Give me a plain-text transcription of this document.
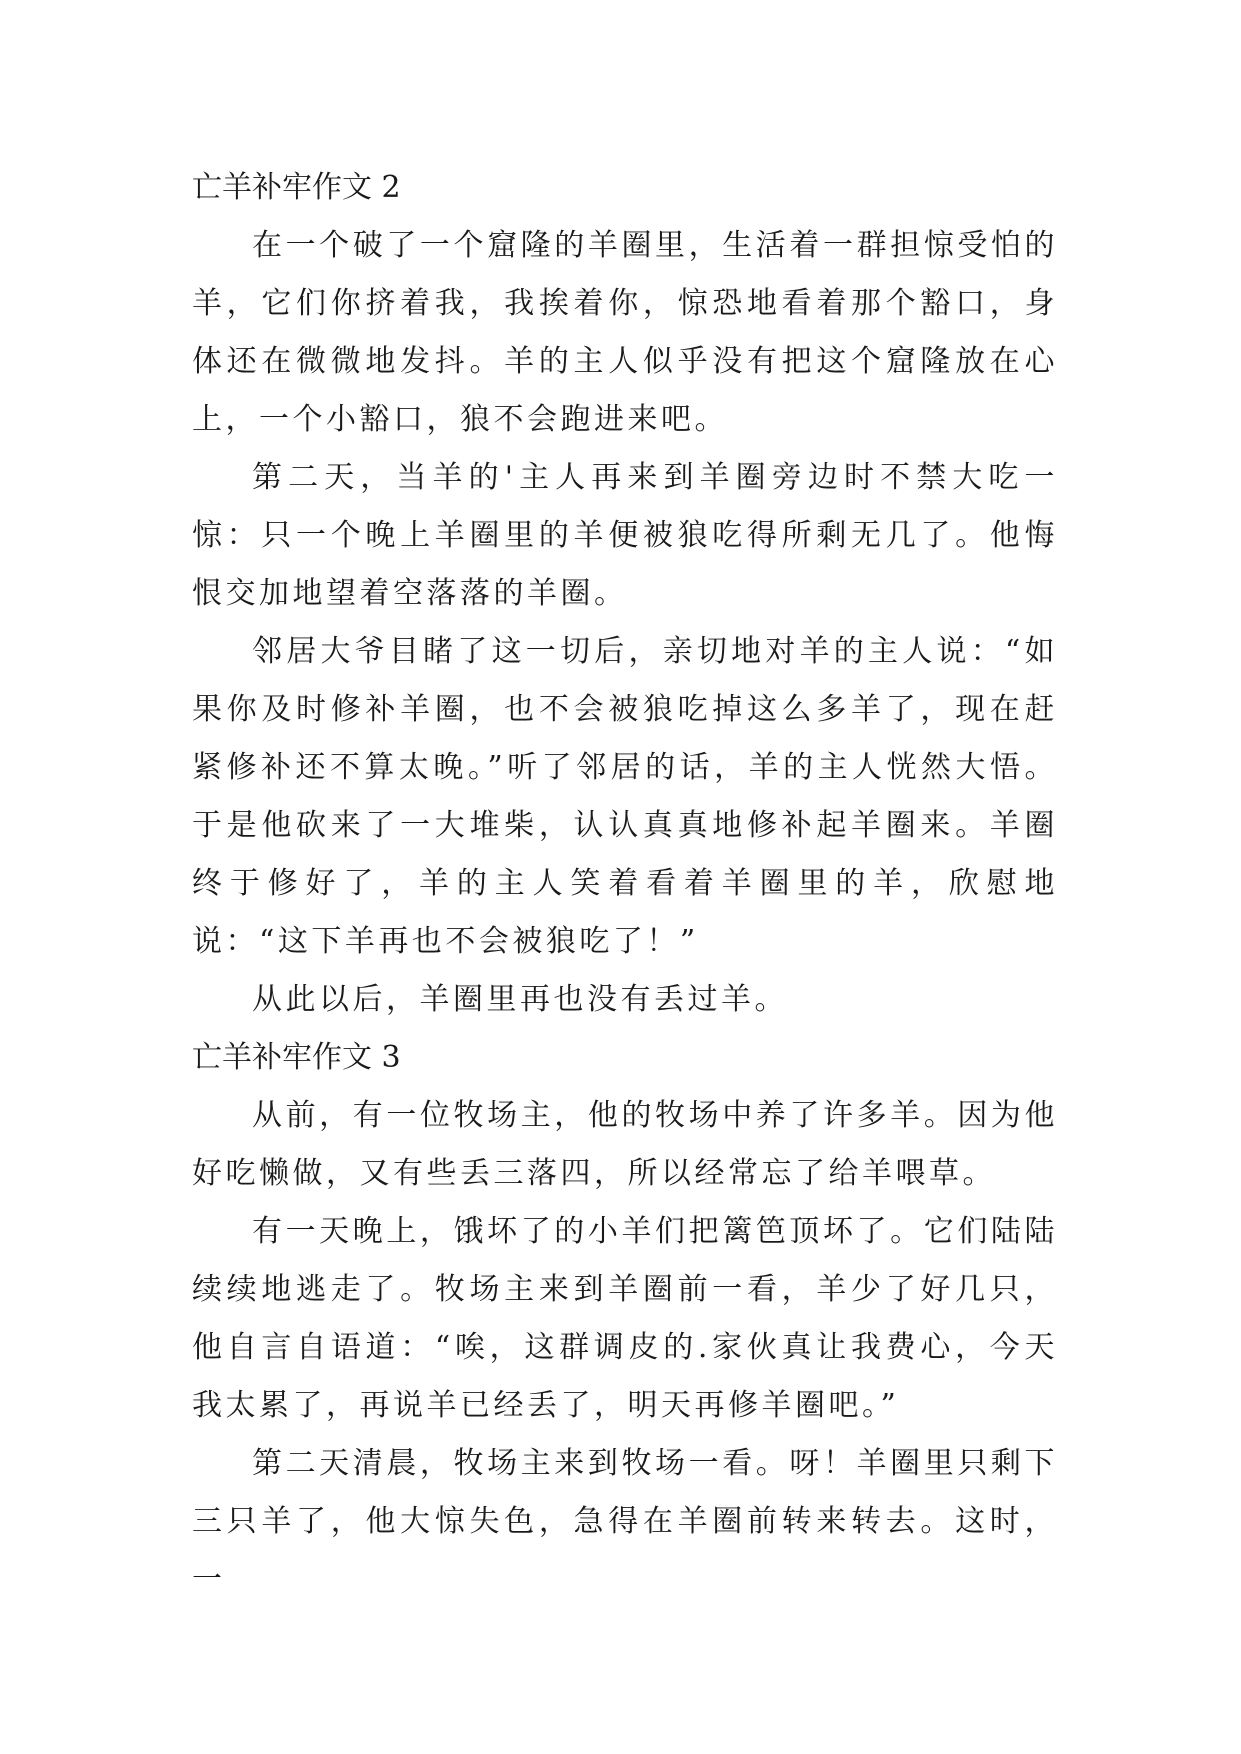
亡羊补牢作文 2

在一个破了一个窟隆的羊圈里，生活着一群担惊受怕的羊，它们你挤着我，我挨着你，惊恐地看着那个豁口，身体还在微微地发抖。羊的主人似乎没有把这个窟隆放在心上，一个小豁口，狼不会跑进来吧。

第二天，当羊的'主人再来到羊圈旁边时不禁大吃一惊：只一个晚上羊圈里的羊便被狼吃得所剩无几了。他悔恨交加地望着空落落的羊圈。

邻居大爷目睹了这一切后，亲切地对羊的主人说：“如果你及时修补羊圈，也不会被狼吃掉这么多羊了，现在赶紧修补还不算太晚。”听了邻居的话，羊的主人恍然大悟。于是他砍来了一大堆柴，认认真真地修补起羊圈来。羊圈终于修好了，羊的主人笑着看着羊圈里的羊，欣慰地说：“这下羊再也不会被狼吃了！”

从此以后，羊圈里再也没有丢过羊。

亡羊补牢作文 3

从前，有一位牧场主，他的牧场中养了许多羊。因为他好吃懒做，又有些丢三落四，所以经常忘了给羊喂草。

有一天晚上，饿坏了的小羊们把篱笆顶坏了。它们陆陆续续地逃走了。牧场主来到羊圈前一看，羊少了好几只，他自言自语道：“唉，这群调皮的.家伙真让我费心，今天我太累了，再说羊已经丢了，明天再修羊圈吧。”

第二天清晨，牧场主来到牧场一看。呀！羊圈里只剩下三只羊了，他大惊失色，急得在羊圈前转来转去。这时，一
